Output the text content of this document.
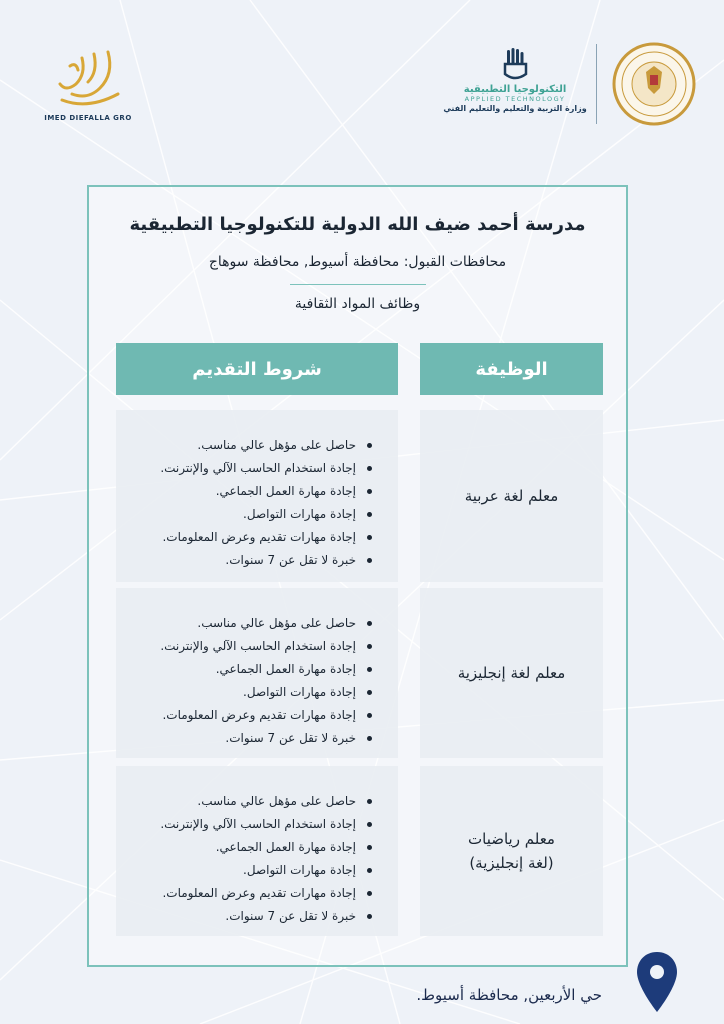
التكنولوجيا التطبيقية
APPLIED TECHNOLOGY
وزارة التربية والتعليم والتعليم الفني
IMED DIEFALLA GRO
مدرسة أحمد ضيف الله الدولية للتكنولوجيا التطبيقية
محافظات القبول: محافظة أسيوط, محافظة سوهاج
وظائف المواد الثقافية
الوظيفة
شروط التقديم
معلم لغة عربية
حاصل على مؤهل عالي مناسب.
إجادة استخدام الحاسب الآلي والإنترنت.
إجادة مهارة العمل الجماعي.
إجادة مهارات التواصل.
إجادة مهارات تقديم وعرض المعلومات.
خبرة لا تقل عن 7 سنوات.
معلم لغة إنجليزية
حاصل على مؤهل عالي مناسب.
إجادة استخدام الحاسب الآلي والإنترنت.
إجادة مهارة العمل الجماعي.
إجادة مهارات التواصل.
إجادة مهارات تقديم وعرض المعلومات.
خبرة لا تقل عن 7 سنوات.
معلم رياضيات
(لغة إنجليزية)
حاصل على مؤهل عالي مناسب.
إجادة استخدام الحاسب الآلي والإنترنت.
إجادة مهارة العمل الجماعي.
إجادة مهارات التواصل.
إجادة مهارات تقديم وعرض المعلومات.
خبرة لا تقل عن 7 سنوات.
حي الأربعين, محافظة أسيوط.
